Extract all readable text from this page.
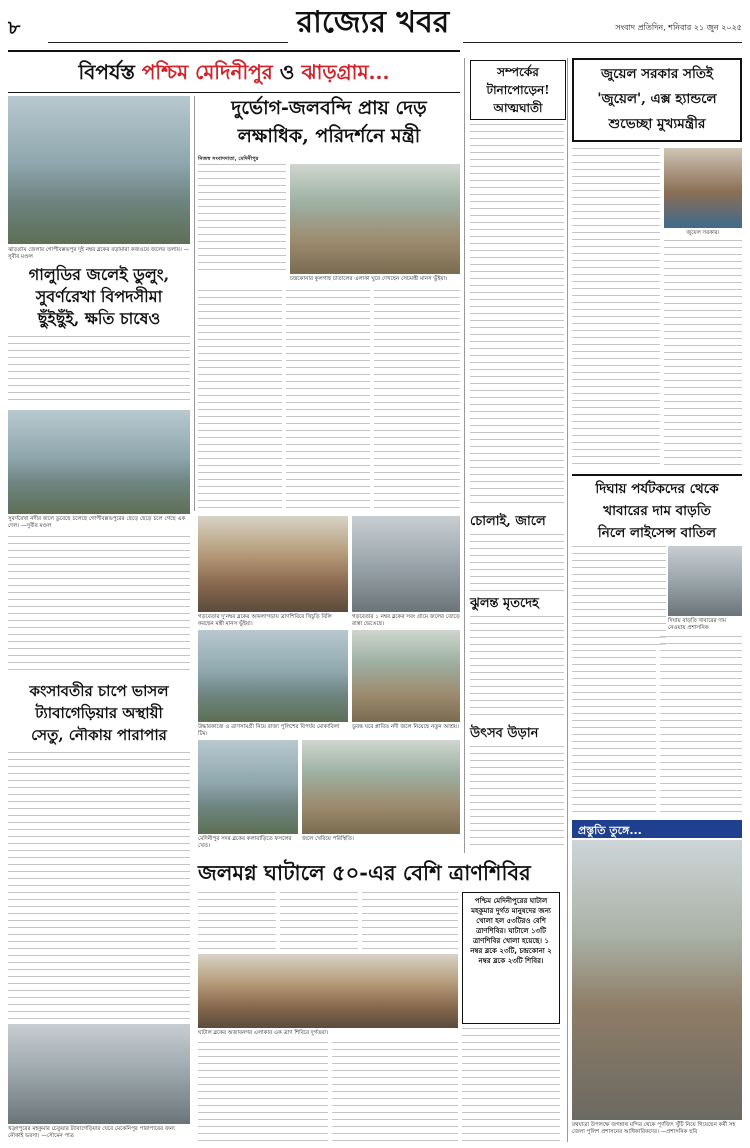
৮	রাজ্যের খবর	সংবাদ প্রতিদিন, শনিবার ২১ জুন ২০২৫
বিপর্যস্ত পশ্চিম মেদিনীপুর ও ঝাড়গ্রাম...
ঝাড়গ্রাম জেলার গোপীবল্লভপুর দুই নম্বর ব্লকের বড়ামারা কজওয়ে জলের তলায়। —সুবীর মণ্ডল
গালুডির জলেই ডুলুং,
সুবর্ণরেখা বিপদসীমা
ছুঁইছুঁই, ক্ষতি চাষেও
সুবর্ণরেখা নদীর জলে ডুবেছে চলেছে গোপীবল্লভপুরের ছেড়ে ছেড়ে চলে গেছে এক দেল। —সুবীর মণ্ডল
কংসাবতীর চাপে ভাসল
ট্যাবাগেড়িয়ার অস্থায়ী
সেতু, নৌকায় পারাপার
খড়্গপুরের মহকুমার চেতুয়ার ট্যাবাগেড়িয়ার ঘেরে মেকেনিপুর পারাপারের জন্য নৌকাই ভরসা। —সৌমেন পাত্র
দুর্ভোগ-জলবন্দি প্রায় দেড়
লক্ষাধিক, পরিদর্শনে মন্ত্রী
নিজস্ব সংবাদদাতা, মেদিনীপুর
চন্দ্রকোনার কুলগাছ চাতালের এলাকা ঘুরে দেখছেন সেচমন্ত্রী মানস ভুঁইয়া।
গড়বেতার দু'নম্বর ব্লকের আমলাগড়ায় ত্রাণশিবিরে খিচুড়ি বিলি করছেন মন্ত্রী মানস ভুঁইয়া।
গড়বেতার ১ নম্বর ব্লকের সবং গ্রামে জলের তোড়ে রাস্তা ভেঙেছে।
উদ্ধারকাজে ও ত্রাণসামগ্রী নিয়ে রাজ্য পুলিশের বিপর্যয় মোকাবিলা টিম।
ডুবন্ত ঘরে প্লাবিত নদী জলে নিয়েছে নতুন আশ্রয়।
মেদিনীপুর সদর ব্লকের কলাবাড়িতে ফসলের খেত।
জলে খেরিয়ে পরিস্থিতি।
জলমগ্ন ঘাটালে ৫০-এর বেশি ত্রাণশিবির
পশ্চিম মেদিনীপুরের ঘাটাল মহকুমার দুর্গত মানুষদের জন্য খোলা হল ৫৩টিরও বেশি ত্রাণশিবির। ঘাটালে ১৩টি ত্রাণশিবির খোলা হয়েছে। ১ নম্বর ব্লকে ২৩টি, চন্দ্রকোনা ২ নম্বর ব্লকে ২৩টি শিবির।
ঘাটাল ব্লকের অজাবনগর এলাকার এক ত্রাণ শিবিরে দুর্গতরা।
সম্পর্কের
টানাপোড়েন!
আত্মঘাতী
চোলাই, জালে
ঝুলন্ত মৃতদেহ
উৎসব উড়ান
জুয়েল সরকার সতিই
'জুয়েল', এক্স হ্যান্ডলে
শুভেচ্ছা মুখ্যমন্ত্রীর
জুয়েল সরকার।
দিঘায় পর্যটকদের থেকে
খাবারের দাম বাড়তি
নিলে লাইসেন্স বাতিল
দিঘায় বাড়তি খাবারের দাম নেওয়ায় প্রশাসনিক
প্রস্তুতি তুঙ্গে...
রথযাত্রা উপলক্ষে জগন্নাথ মন্দির থেকে পূর্ণজিৎ খুঁটি নিয়ে গিয়েছেন কর্মী সহ জেলা পুলিশ প্রশাসনের আধিকারিকদের। —প্রশাসনিক ছবি
